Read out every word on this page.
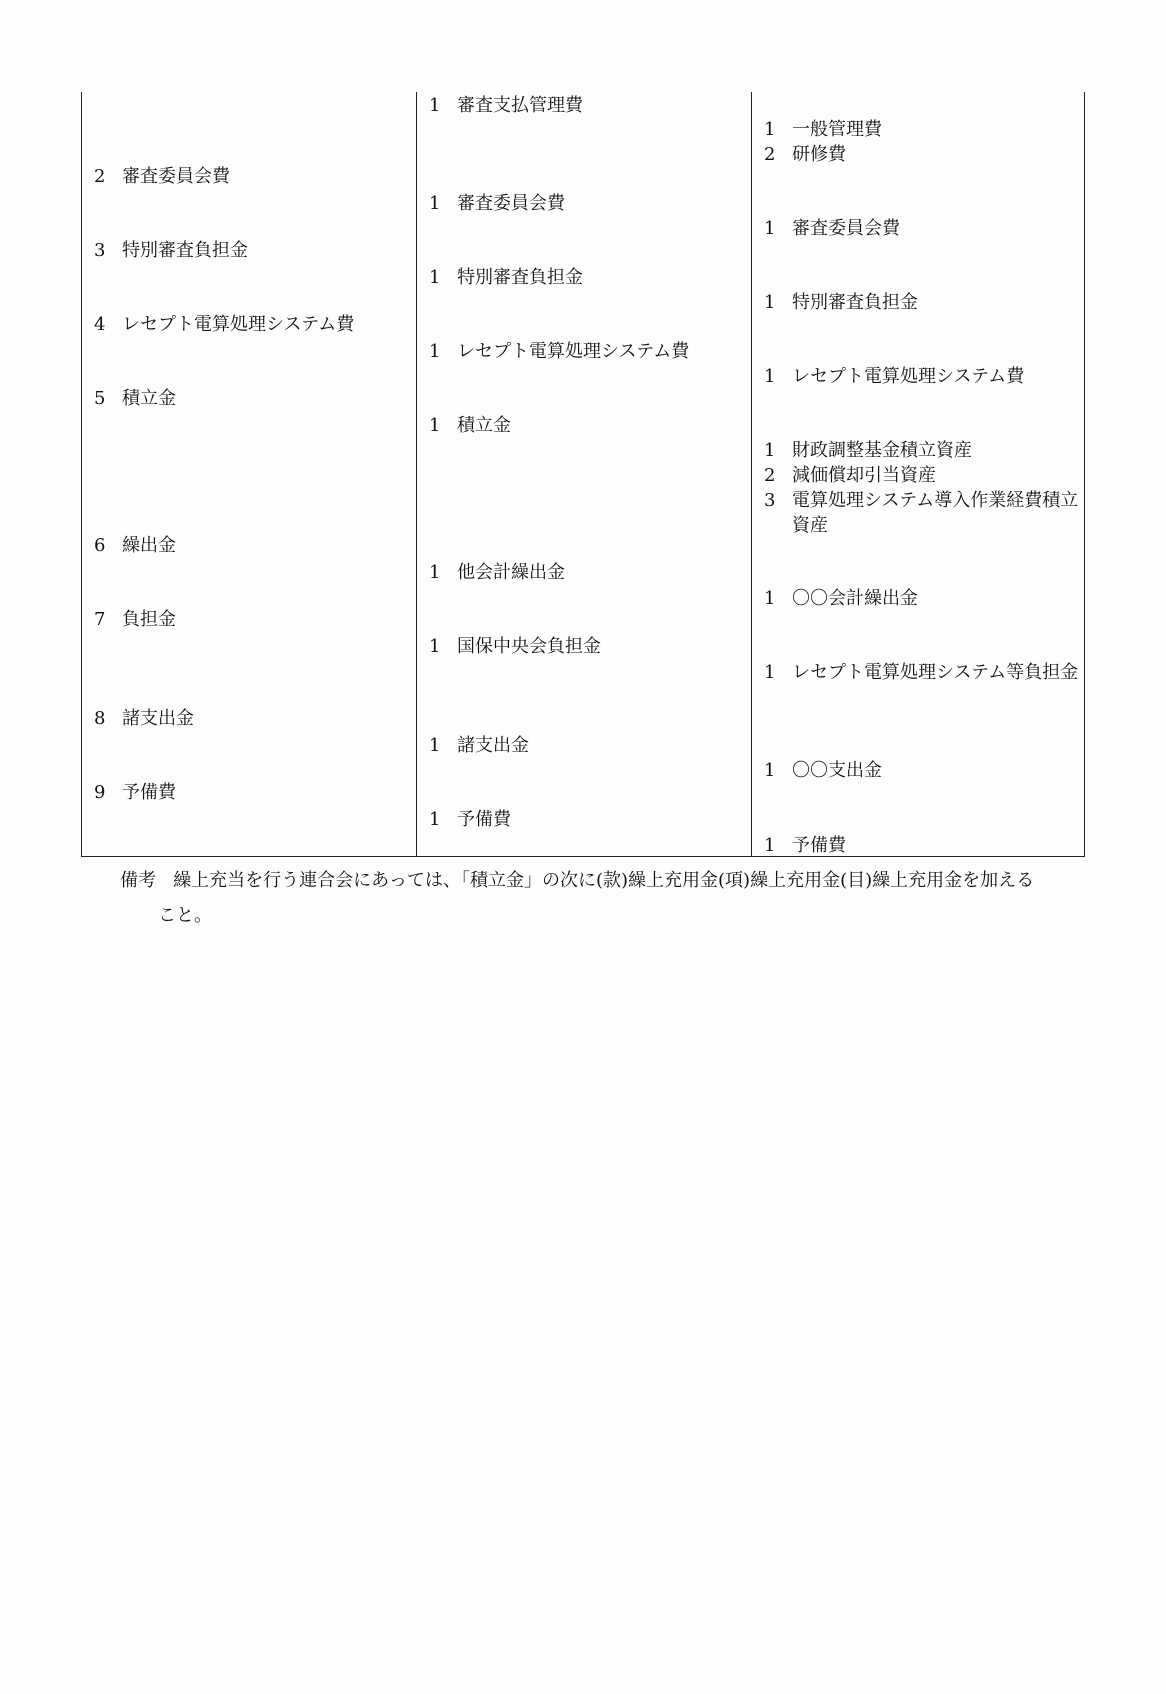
2 審査委員会費
3 特別審査負担金
4 レセプト電算処理システム費
5 積立金
6 繰出金
7 負担金
8 諸支出金
9 予備費
1 審査支払管理費
1 審査委員会費
1 特別審査負担金
1 レセプト電算処理システム費
1 積立金
1 他会計繰出金
1 国保中央会負担金
1 諸支出金
1 予備費
1 一般管理費
2 研修費
1 審査委員会費
1 特別審査負担金
1 レセプト電算処理システム費
1 財政調整基金積立資産
2 減価償却引当資産
3 電算処理システム導入作業経費積立資産
1 〇〇会計繰出金
1 レセプト電算処理システム等負担金
1 〇〇支出金
1 予備費
備考 繰上充当を行う連合会にあっては、「積立金」の次に(款)繰上充用金(項)繰上充用金(目)繰上充用金を加える
こと。
